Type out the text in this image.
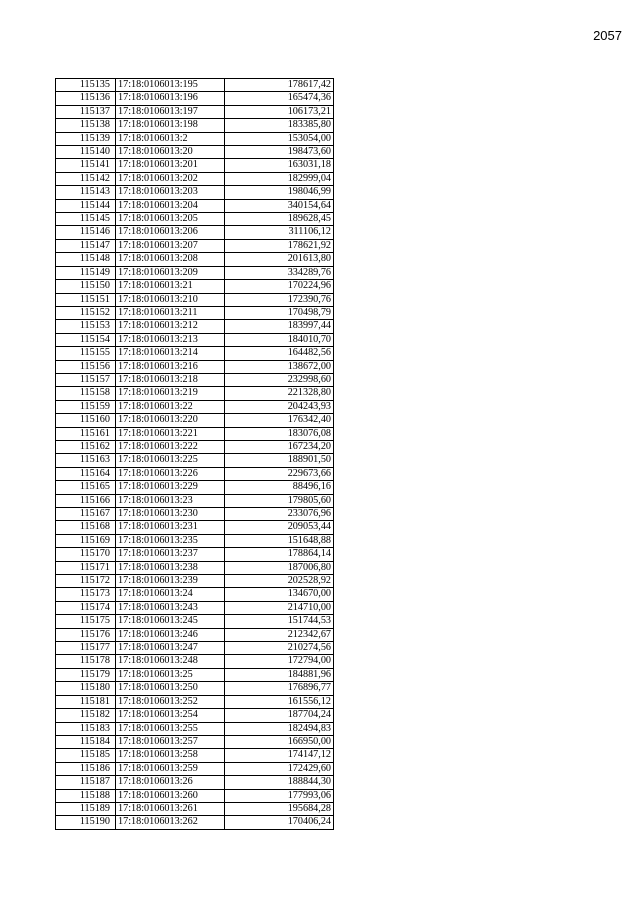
2057
115135	17:18:0106013:195	178617,42
115136	17:18:0106013:196	165474,36
115137	17:18:0106013:197	106173,21
115138	17:18:0106013:198	183385,80
115139	17:18:0106013:2	153054,00
115140	17:18:0106013:20	198473,60
115141	17:18:0106013:201	163031,18
115142	17:18:0106013:202	182999,04
115143	17:18:0106013:203	198046,99
115144	17:18:0106013:204	340154,64
115145	17:18:0106013:205	189628,45
115146	17:18:0106013:206	311106,12
115147	17:18:0106013:207	178621,92
115148	17:18:0106013:208	201613,80
115149	17:18:0106013:209	334289,76
115150	17:18:0106013:21	170224,96
115151	17:18:0106013:210	172390,76
115152	17:18:0106013:211	170498,79
115153	17:18:0106013:212	183997,44
115154	17:18:0106013:213	184010,70
115155	17:18:0106013:214	164482,56
115156	17:18:0106013:216	138672,00
115157	17:18:0106013:218	232998,60
115158	17:18:0106013:219	221328,80
115159	17:18:0106013:22	204243,93
115160	17:18:0106013:220	176342,40
115161	17:18:0106013:221	183076,08
115162	17:18:0106013:222	167234,20
115163	17:18:0106013:225	188901,50
115164	17:18:0106013:226	229673,66
115165	17:18:0106013:229	88496,16
115166	17:18:0106013:23	179805,60
115167	17:18:0106013:230	233076,96
115168	17:18:0106013:231	209053,44
115169	17:18:0106013:235	151648,88
115170	17:18:0106013:237	178864,14
115171	17:18:0106013:238	187006,80
115172	17:18:0106013:239	202528,92
115173	17:18:0106013:24	134670,00
115174	17:18:0106013:243	214710,00
115175	17:18:0106013:245	151744,53
115176	17:18:0106013:246	212342,67
115177	17:18:0106013:247	210274,56
115178	17:18:0106013:248	172794,00
115179	17:18:0106013:25	184881,96
115180	17:18:0106013:250	176896,77
115181	17:18:0106013:252	161556,12
115182	17:18:0106013:254	187704,24
115183	17:18:0106013:255	182494,83
115184	17:18:0106013:257	166950,00
115185	17:18:0106013:258	174147,12
115186	17:18:0106013:259	172429,60
115187	17:18:0106013:26	188844,30
115188	17:18:0106013:260	177993,06
115189	17:18:0106013:261	195684,28
115190	17:18:0106013:262	170406,24
